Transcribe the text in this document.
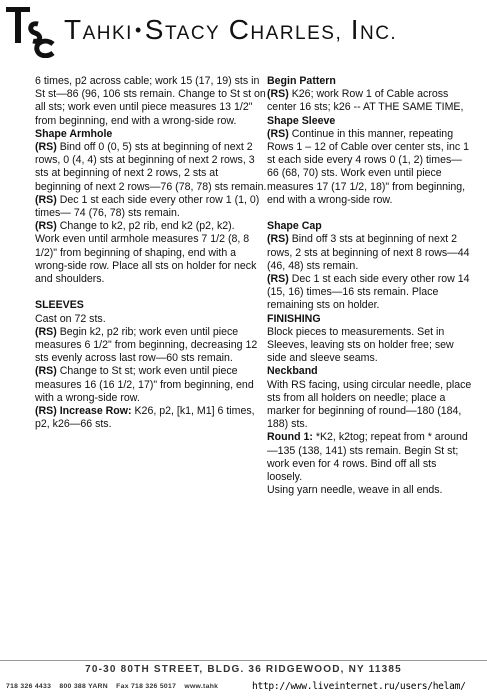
TAHKI •STACY CHARLES, INC.

6 times, p2 across cable; work 15 (17, 19) sts in St st—86 (96, 106 sts remain. Change to St st on all sts; work even until piece measures 13 1/2" from beginning, end with a wrong-side row.

Shape Armhole

(RS) Bind off 0 (0, 5) sts at beginning of next 2 rows, 0 (4, 4) sts at beginning of next 2 rows, 3 sts at beginning of next 2 rows, 2 sts at beginning of next 2 rows—76 (78, 78) sts remain.

(RS) Dec 1 st each side every other row 1 (1, 0) times— 74 (76, 78) sts remain.

(RS) Change to k2, p2 rib, end k2 (p2, k2).

Work even until armhole measures 7 1/2 (8, 8 1/2)" from beginning of shaping, end with a wrong-side row. Place all sts on holder for neck and shoulders.

SLEEVES

Cast on 72 sts.

(RS) Begin k2, p2 rib; work even until piece measures 6 1/2" from beginning, decreasing 12 sts evenly across last row—60 sts remain.

(RS) Change to St st; work even until piece measures 16 (16 1/2, 17)" from beginning, end with a wrong-side row.

(RS) Increase Row: K26, p2, [k1, M1] 6 times, p2, k26—66 sts.

Begin Pattern

(RS) K26; work Row 1 of Cable across center 16 sts; k26 -- AT THE SAME TIME,

Shape Sleeve

(RS) Continue in this manner, repeating Rows 1 – 12 of Cable over center sts, inc 1 st each side every 4 rows 0 (1, 2) times—66 (68, 70) sts. Work even until piece measures 17 (17 1/2, 18)" from beginning, end with a wrong-side row.

Shape Cap

(RS) Bind off 3 sts at beginning of next 2 rows, 2 sts at beginning of next 8 rows—44 (46, 48) sts remain.

(RS) Dec 1 st each side every other row 14 (15, 16) times—16 sts remain. Place remaining sts on holder.

FINISHING

Block pieces to measurements. Set in Sleeves, leaving sts on holder free; sew side and sleeve seams.

Neckband

With RS facing, using circular needle, place sts from all holders on needle; place a marker for beginning of round—180 (184, 188) sts.

Round 1: *K2, k2tog; repeat from * around—135 (138, 141) sts remain. Begin St st; work even for 4 rows. Bind off all sts loosely.

Using yarn needle, weave in all ends.

70-30 80TH STREET, BLDG. 36 RIDGEWOOD, NY 11385
718 326 4433 800 388 YARN Fax 718 326 5017 www.tahk	http://www.liveinternet.ru/users/helam/
